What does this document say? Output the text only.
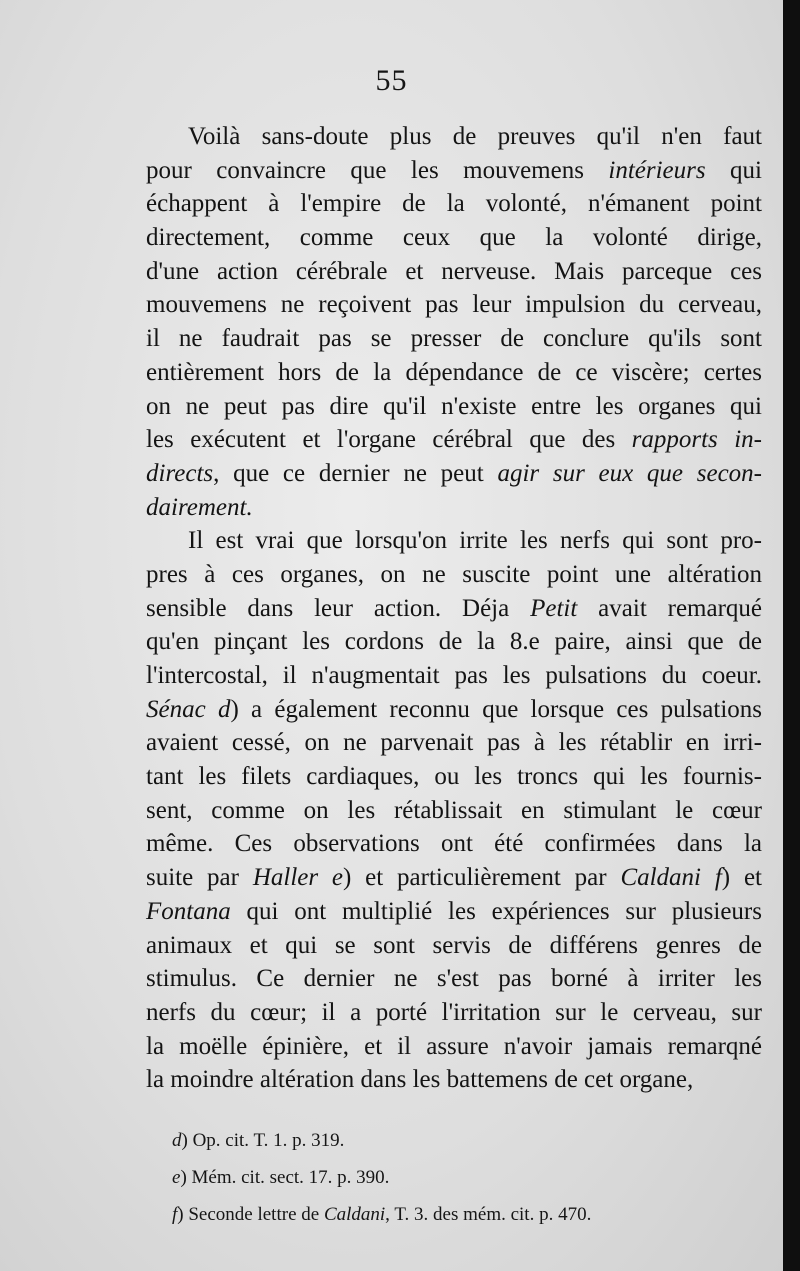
55
Voilà sans-doute plus de preuves qu'il n'en faut
pour convaincre que les mouvemens intérieurs qui
échappent à l'empire de la volonté, n'émanent point
directement, comme ceux que la volonté dirige,
d'une action cérébrale et nerveuse. Mais parceque ces
mouvemens ne reçoivent pas leur impulsion du cerveau,
il ne faudrait pas se presser de conclure qu'ils sont
entièrement hors de la dépendance de ce viscère; certes
on ne peut pas dire qu'il n'existe entre les organes qui
les exécutent et l'organe cérébral que des rapports in-
directs, que ce dernier ne peut agir sur eux que secon-
dairement.
Il est vrai que lorsqu'on irrite les nerfs qui sont pro-
pres à ces organes, on ne suscite point une altération
sensible dans leur action. Déja Petit avait remarqué
qu'en pinçant les cordons de la 8.e paire, ainsi que de
l'intercostal, il n'augmentait pas les pulsations du coeur.
Sénac d) a également reconnu que lorsque ces pulsations
avaient cessé, on ne parvenait pas à les rétablir en irri-
tant les filets cardiaques, ou les troncs qui les fournis-
sent, comme on les rétablissait en stimulant le cœur
même. Ces observations ont été confirmées dans la
suite par Haller e) et particulièrement par Caldani f) et
Fontana qui ont multiplié les expériences sur plusieurs
animaux et qui se sont servis de différens genres de
stimulus. Ce dernier ne s'est pas borné à irriter les
nerfs du cœur; il a porté l'irritation sur le cerveau, sur
la moëlle épinière, et il assure n'avoir jamais remarqné
la moindre altération dans les battemens de cet organe,
d) Op. cit. T. 1. p. 319.
e) Mém. cit. sect. 17. p. 390.
f) Seconde lettre de Caldani, T. 3. des mém. cit. p. 470.
